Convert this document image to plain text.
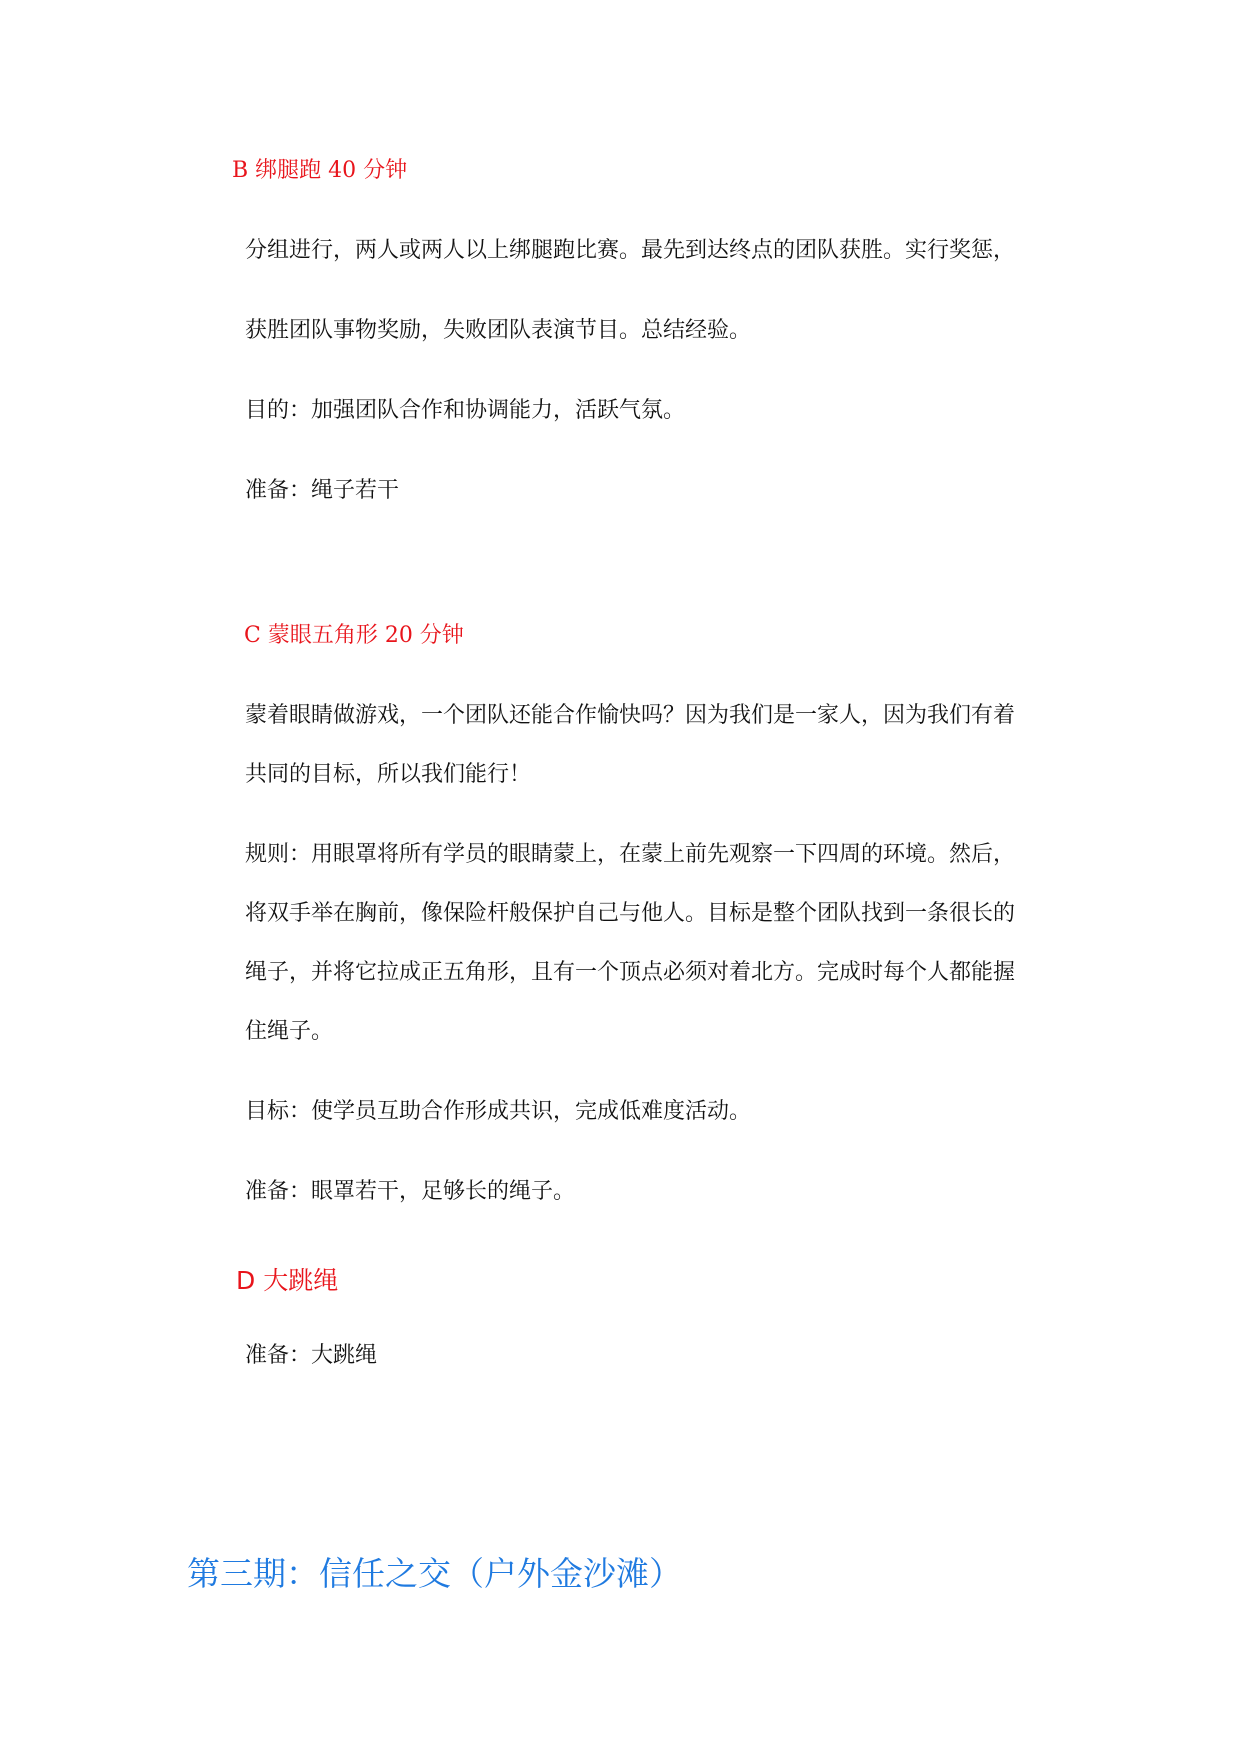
B 绑腿跑 40 分钟

分组进行，两人或两人以上绑腿跑比赛。最先到达终点的团队获胜。实行奖惩，

获胜团队事物奖励，失败团队表演节目。总结经验。

目的：加强团队合作和协调能力，活跃气氛。

准备：绳子若干

C 蒙眼五角形 20 分钟

蒙着眼睛做游戏，一个团队还能合作愉快吗？因为我们是一家人，因为我们有着

共同的目标，所以我们能行！

规则：用眼罩将所有学员的眼睛蒙上，在蒙上前先观察一下四周的环境。然后，

将双手举在胸前，像保险杆般保护自己与他人。目标是整个团队找到一条很长的

绳子，并将它拉成正五角形，且有一个顶点必须对着北方。完成时每个人都能握

住绳子。

目标：使学员互助合作形成共识，完成低难度活动。

准备：眼罩若干，足够长的绳子。

D 大跳绳

准备：大跳绳

第三期：信任之交（户外金沙滩）
